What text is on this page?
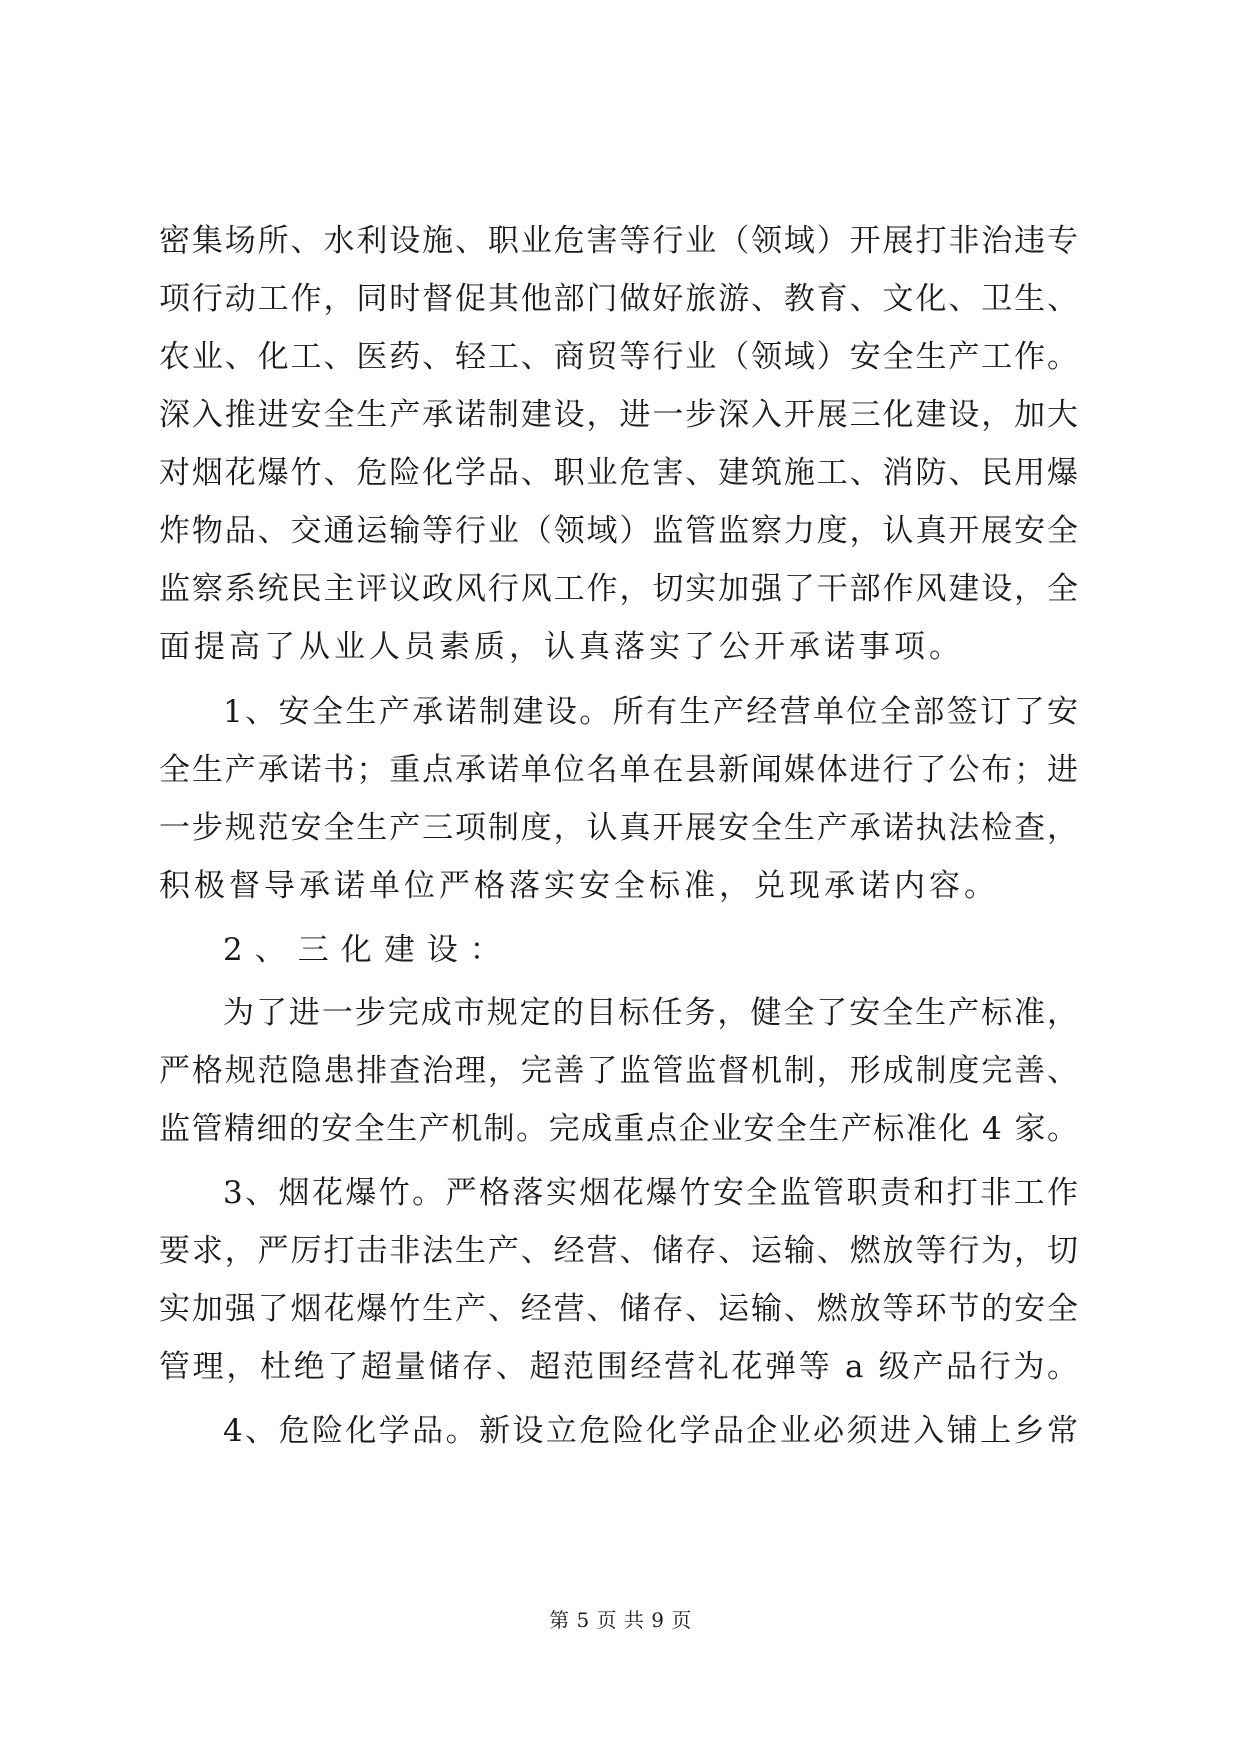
密集场所、水利设施、职业危害等行业（领域）开展打非治违专
项行动工作，同时督促其他部门做好旅游、教育、文化、卫生、
农业、化工、医药、轻工、商贸等行业（领域）安全生产工作。
深入推进安全生产承诺制建设，进一步深入开展三化建设，加大
对烟花爆竹、危险化学品、职业危害、建筑施工、消防、民用爆
炸物品、交通运输等行业（领域）监管监察力度，认真开展安全
监察系统民主评议政风行风工作，切实加强了干部作风建设，全
面提高了从业人员素质，认真落实了公开承诺事项。
1、安全生产承诺制建设。所有生产经营单位全部签订了安
全生产承诺书；重点承诺单位名单在县新闻媒体进行了公布；进
一步规范安全生产三项制度，认真开展安全生产承诺执法检查，
积极督导承诺单位严格落实安全标准，兑现承诺内容。
2、三化建设：
为了进一步完成市规定的目标任务，健全了安全生产标准，
严格规范隐患排查治理，完善了监管监督机制，形成制度完善、
监管精细的安全生产机制。完成重点企业安全生产标准化 4 家。
3、烟花爆竹。严格落实烟花爆竹安全监管职责和打非工作
要求，严厉打击非法生产、经营、储存、运输、燃放等行为，切
实加强了烟花爆竹生产、经营、储存、运输、燃放等环节的安全
管理，杜绝了超量储存、超范围经营礼花弹等 a 级产品行为。
4、危险化学品。新设立危险化学品企业必须进入铺上乡常
第 5 页 共 9 页
